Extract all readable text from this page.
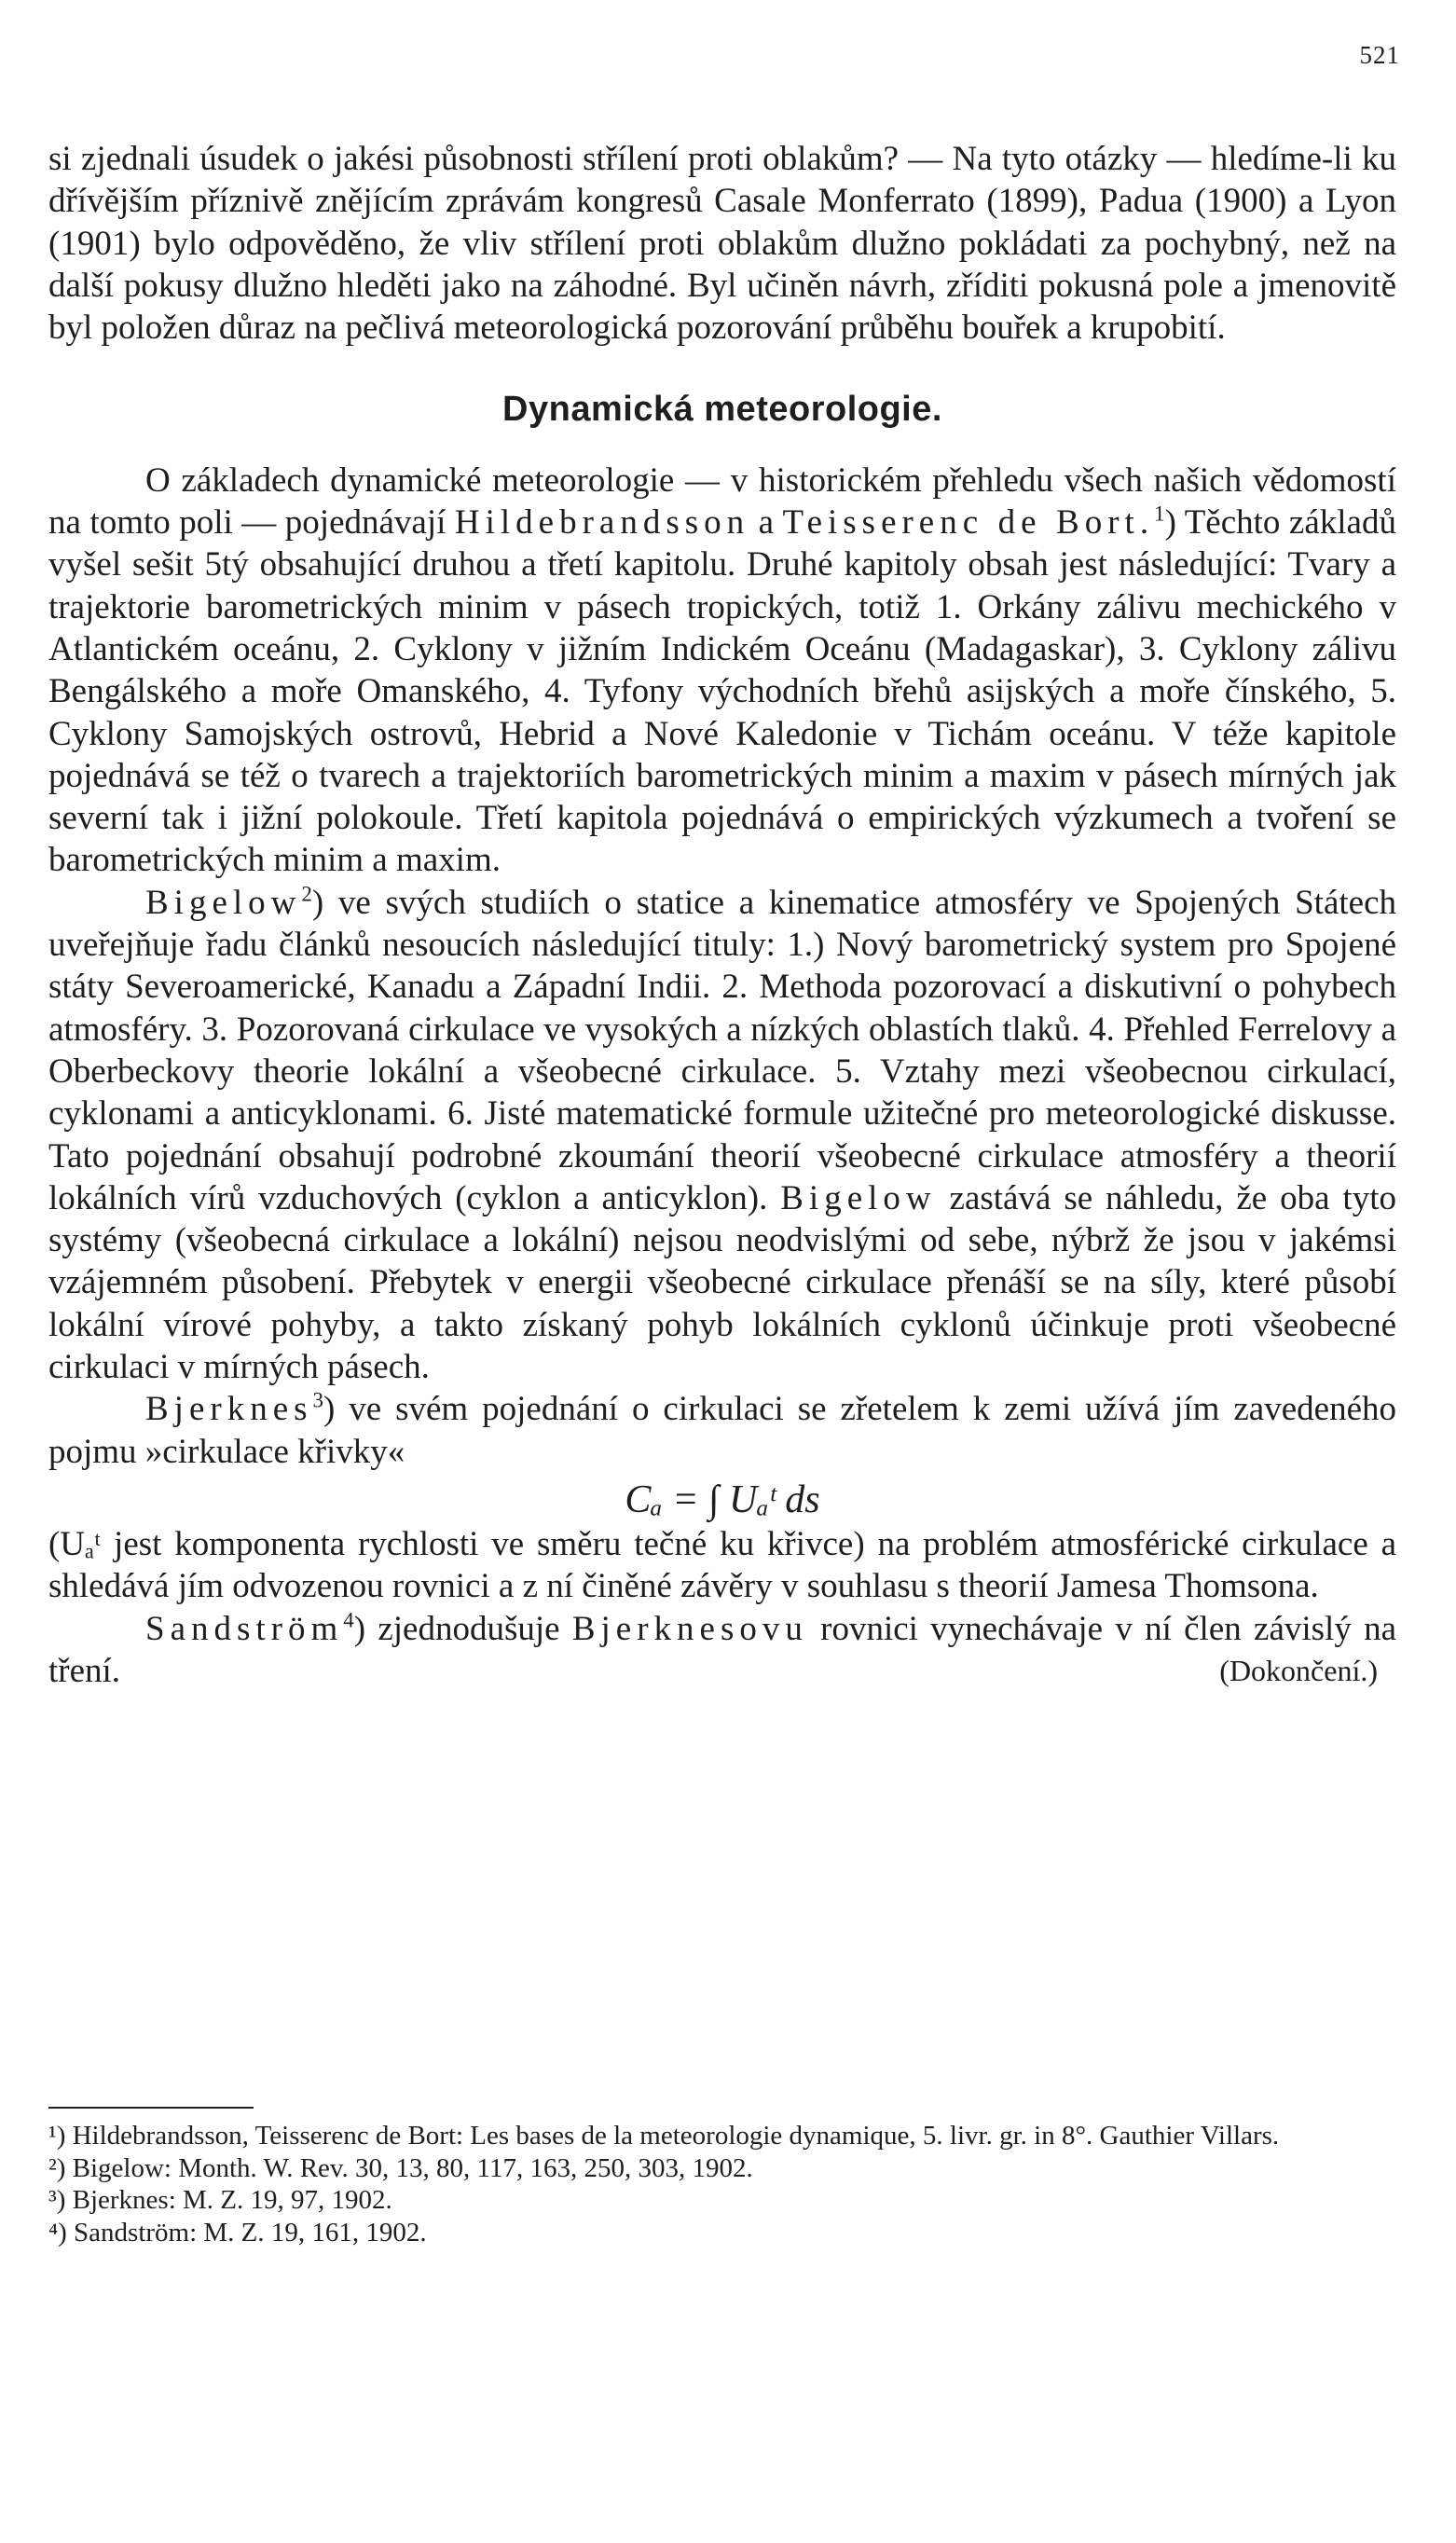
521

si zjednali úsudek o jakési působnosti střílení proti oblakům? — Na tyto otázky — hledíme-li ku dřívějším příznivě znějícím zprávám kongresů Casale Monferrato (1899), Padua (1900) a Lyon (1901) bylo odpověděno, že vliv střílení proti oblakům dlužno pokládati za pochybný, než na další pokusy dlužno hleděti jako na záhodné. Byl učiněn návrh, zříditi pokusná pole a jmenovitě byl položen důraz na pečlivá meteorologická pozorování průběhu bouřek a krupobití.

Dynamická meteorologie.

O základech dynamické meteorologie — v historickém přehledu všech našich vědomostí na tomto poli — pojednávají Hildebrandsson a Teisserenc de Bort.$^1$) Těchto základů vyšel sešit 5tý obsahující druhou a třetí kapitolu. Druhé kapitoly obsah jest následující: Tvary a trajektorie barometrických minim v pásech tropických, totiž 1. Orkány zálivu mechického v Atlantickém oceánu, 2. Cyklony v jižním Indickém Oceánu (Madagaskar), 3. Cyklony zálivu Bengálského a moře Omanského, 4. Tyfony východních břehů asijských a moře čínského, 5. Cyklony Samojských ostrovů, Hebrid a Nové Kaledonie v Tichám oceánu. V téže kapitole pojednává se též o tvarech a trajektoriích barometrických minim a maxim v pásech mírných jak severní tak i jižní polokoule. Třetí kapitola pojednává o empirických výzkumech a tvoření se barometrických minim a maxim.

Bigelow$^2$) ve svých studiích o statice a kinematice atmosféry ve Spojených Státech uveřejňuje řadu článků nesoucích následující tituly: 1.) Nový barometrický system pro Spojené státy Severoamerické, Kanadu a Západní Indii. 2. Methoda pozorovací a diskutivní o pohybech atmosféry. 3. Pozorovaná cirkulace ve vysokých a nízkých oblastích tlaků. 4. Přehled Ferrelovy a Oberbeckovy theorie lokální a všeobecné cirkulace. 5. Vztahy mezi všeobecnou cirkulací, cyklonami a anticyklonami. 6. Jisté matematické formule užitečné pro meteorologické diskusse. Tato pojednání obsahují podrobné zkoumání theorií všeobecné cirkulace atmosféry a theorií lokálních vírů vzduchových (cyklon a anticyklon). Bigelow zastává se náhledu, že oba tyto systémy (všeobecná cirkulace a lokální) nejsou neodvislými od sebe, nýbrž že jsou v jakémsi vzájemném působení. Přebytek v energii všeobecné cirkulace přenáší se na síly, které působí lokální vírové pohyby, a takto získaný pohyb lokálních cyklonů účinkuje proti všeobecné cirkulaci v mírných pásech.

Bjerknes$^3$) ve svém pojednání o cirkulaci se zřetelem k zemi užívá jím zavedeného pojmu »cirkulace křivky«

Cₐ = ∫ Uₐᵗ ds

(Uₐᵗ jest komponenta rychlosti ve směru tečné ku křivce) na problém atmosférické cirkulace a shledává jím odvozenou rovnici a z ní činěné závěry v souhlasu s theorií Jamesa Thomsona.

Sandström$^4$) zjednodušuje Bjerknesovu rovnici vynechávaje v ní člen závislý na tření.	(Dokončení.)

¹) Hildebrandsson, Teisserenc de Bort: Les bases de la meteorologie dynamique, 5. livr. gr. in 8°. Gauthier Villars.

²) Bigelow: Month. W. Rev. 30, 13, 80, 117, 163, 250, 303, 1902.

³) Bjerknes: M. Z. 19, 97, 1902.

⁴) Sandström: M. Z. 19, 161, 1902.
